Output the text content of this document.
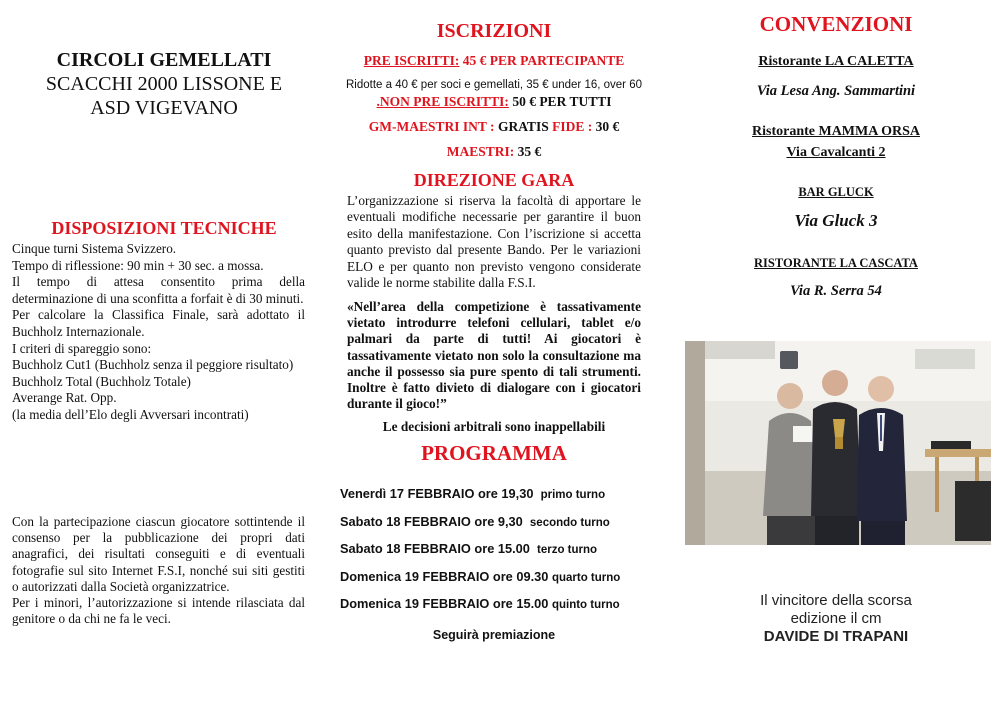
CIRCOLI GEMELLATI
SCACCHI 2000 LISSONE E
ASD VIGEVANO
DISPOSIZIONI TECNICHE

Cinque turni Sistema Svizzero.

Tempo di riflessione: 90 min + 30 sec. a mossa.

Il tempo di attesa consentito prima della determinazione di una sconfitta a forfait è di 30 minuti.

Per calcolare la Classifica Finale, sarà adottato il Buchholz Internazionale.

I criteri di spareggio sono:

Buchholz Cut1 (Buchholz senza il peggiore risultato)

Buchholz Total (Buchholz Totale)

Averange Rat. Opp.

(la media dell’Elo degli Avversari incontrati)

Con la partecipazione ciascun giocatore sottintende il consenso per la pubblicazione dei propri dati anagrafici, dei risultati conseguiti e di eventuali fotografie sul sito Internet F.S.I, nonché sui siti gestiti o autorizzati dalla Società organizzatrice.

Per i minori, l’autorizzazione si intende rilasciata dal genitore o da chi ne fa le veci.

ISCRIZIONI
PRE ISCRITTI: 45 € PER PARTECIPANTE
Ridotte a 40 € per soci e gemellati, 35 € under 16, over 60
.NON PRE ISCRITTI: 50 € PER TUTTI
GM-MAESTRI INT : GRATIS FIDE : 30 €
MAESTRI: 35 €
DIREZIONE GARA
L’organizzazione si riserva la facoltà di apportare le eventuali modifiche necessarie per garantire il buon esito della manifestazione. Con l’iscrizione si accetta quanto previsto dal presente Bando. Per le variazioni ELO e per quanto non previsto vengono considerate valide le norme stabilite dalla F.S.I.
«Nell’area della competizione è tassativamente vietato introdurre telefoni cellulari, tablet e/o palmari da parte di tutti! Ai giocatori è tassativamente vietato non solo la consultazione ma anche il possesso sia pure spento di tali strumenti. Inoltre è fatto divieto di dialogare con i giocatori durante il gioco!”
Le decisioni arbitrali sono inappellabili
PROGRAMMA
Venerdì 17 FEBBRAIO ore 19,30 primo turno
Sabato 18 FEBBRAIO ore 9,30 secondo turno
Sabato 18 FEBBRAIO ore 15.00 terzo turno
Domenica 19 FEBBRAIO ore 09.30 quarto turno
Domenica 19 FEBBRAIO ore 15.00 quinto turno
Seguirà premiazione
CONVENZIONI
Ristorante LA CALETTA
Via Lesa Ang. Sammartini
Ristorante MAMMA ORSA
Via Cavalcanti 2
BAR GLUCK
Via Gluck 3
RISTORANTE LA CASCATA
Via R. Serra 54
Il vincitore della scorsa
edizione il cm
DAVIDE DI TRAPANI
